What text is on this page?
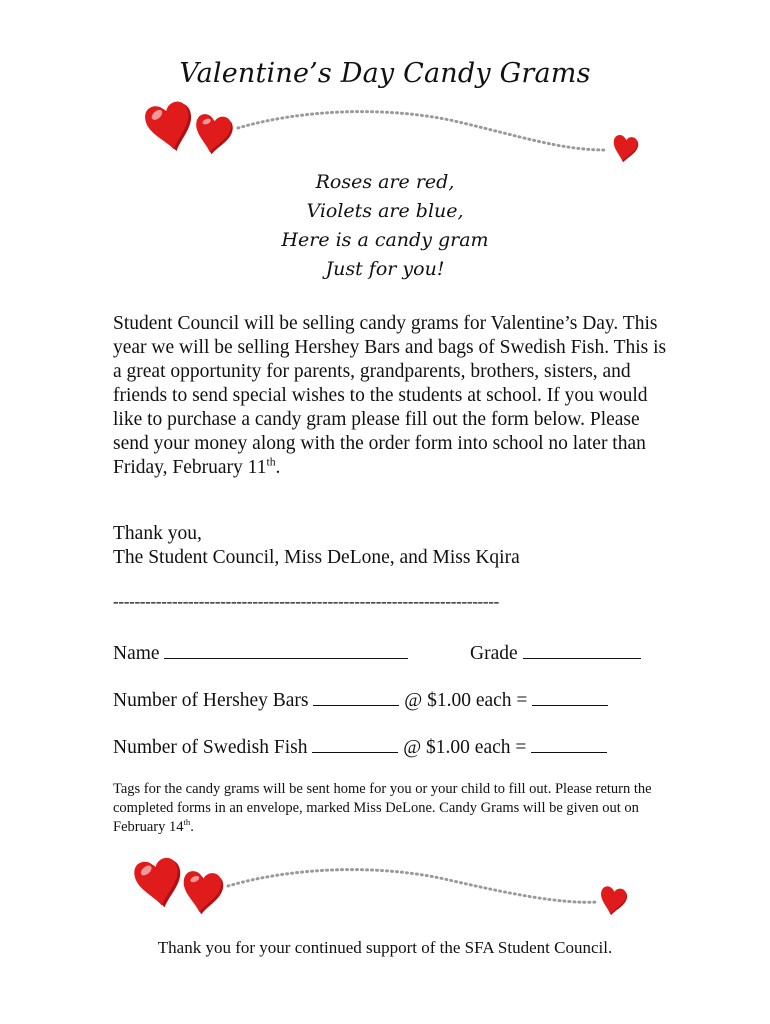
Valentine’s Day Candy Grams
Roses are red,
Violets are blue,
Here is a candy gram
Just for you!
Student Council will be selling candy grams for Valentine’s Day. This year we will be selling Hershey Bars and bags of Swedish Fish. This is a great opportunity for parents, grandparents, brothers, sisters, and friends to send special wishes to the students at school. If you would like to purchase a candy gram please fill out the form below. Please send your money along with the order form into school no later than Friday, February 11th.
Thank you,
The Student Council, Miss DeLone, and Miss Kqira
------------------------------------------------------------------------
Name	Grade
Number of Hershey Bars	@ $1.00 each =
Number of Swedish Fish	@ $1.00 each =
Tags for the candy grams will be sent home for you or your child to fill out. Please return the completed forms in an envelope, marked Miss DeLone. Candy Grams will be given out on February 14th.
Thank you for your continued support of the SFA Student Council.
